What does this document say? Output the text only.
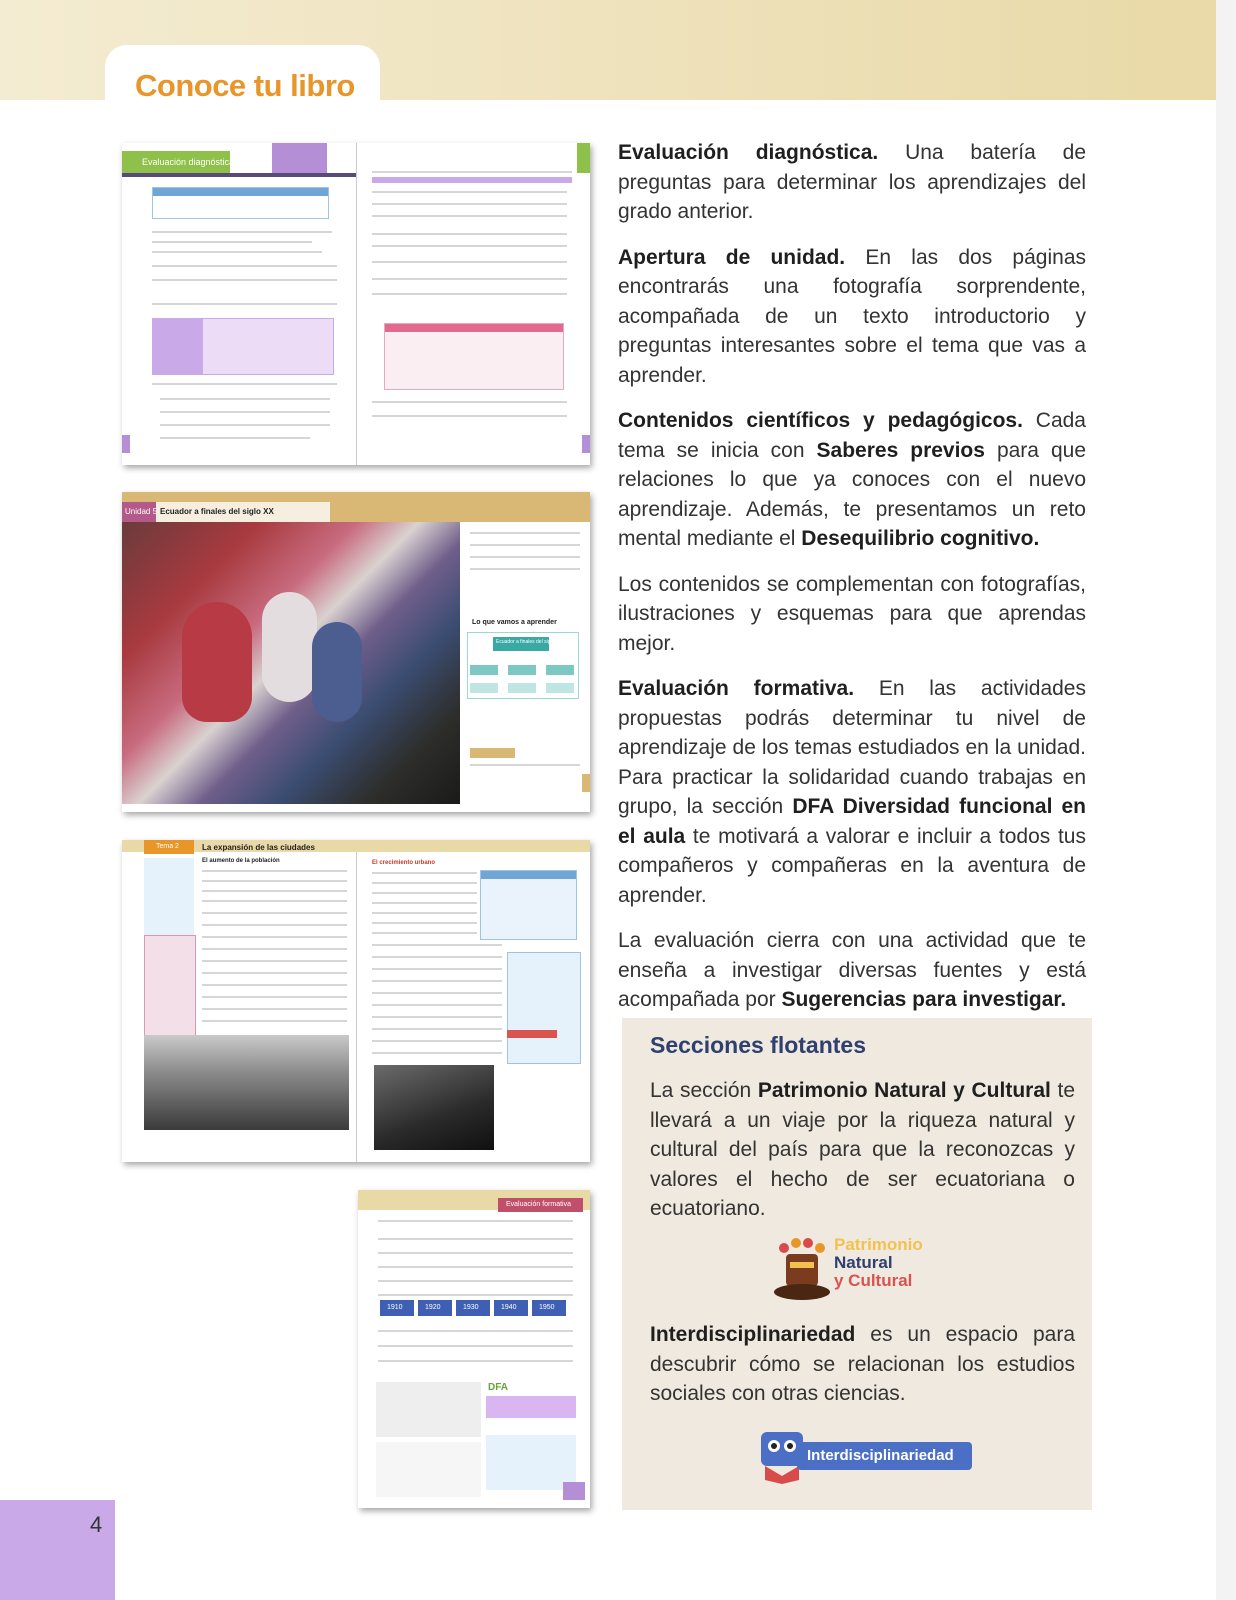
Conoce tu libro
Evaluación diagnóstica
Unidad 5 Ecuador a finales del siglo XX
Lo que vamos a aprender
Ecuador a finales del siglo XX
Tema 2	La expansión de las ciudades
El aumento de la población	El crecimiento urbano
Evaluación formativa
1910	1920	1930	1940	1950
DFA

Evaluación diagnóstica. Una batería de preguntas para determinar los aprendizajes del grado anterior.

Apertura de unidad. En las dos páginas encontrarás una fotografía sorprendente, acompañada de un texto introductorio y preguntas interesantes sobre el tema que vas a aprender.

Contenidos científicos y pedagógicos. Cada tema se inicia con Saberes previos para que relaciones lo que ya conoces con el nuevo aprendizaje. Además, te presentamos un reto mental mediante el Desequilibrio cognitivo.

Los contenidos se complementan con fotografías, ilustraciones y esquemas para que aprendas mejor.

Evaluación formativa. En las actividades propuestas podrás determinar tu nivel de aprendizaje de los temas estudiados en la unidad. Para practicar la solidaridad cuando trabajas en grupo, la sección DFA Diversidad funcional en el aula te motivará a valorar e incluir a todos tus compañeros y compañeras en la aventura de aprender.

La evaluación cierra con una actividad que te enseña a investigar diversas fuentes y está acompañada por Sugerencias para investigar.

Secciones flotantes

La sección Patrimonio Natural y Cultural te llevará a un viaje por la riqueza natural y cultural del país para que la reconozcas y valores el hecho de ser ecuatoriana o ecuatoriano.

Patrimonio
Natural
y Cultural

Interdisciplinariedad es un espacio para descubrir cómo se relacionan los estudios sociales con otras ciencias.

Interdisciplinariedad
4
